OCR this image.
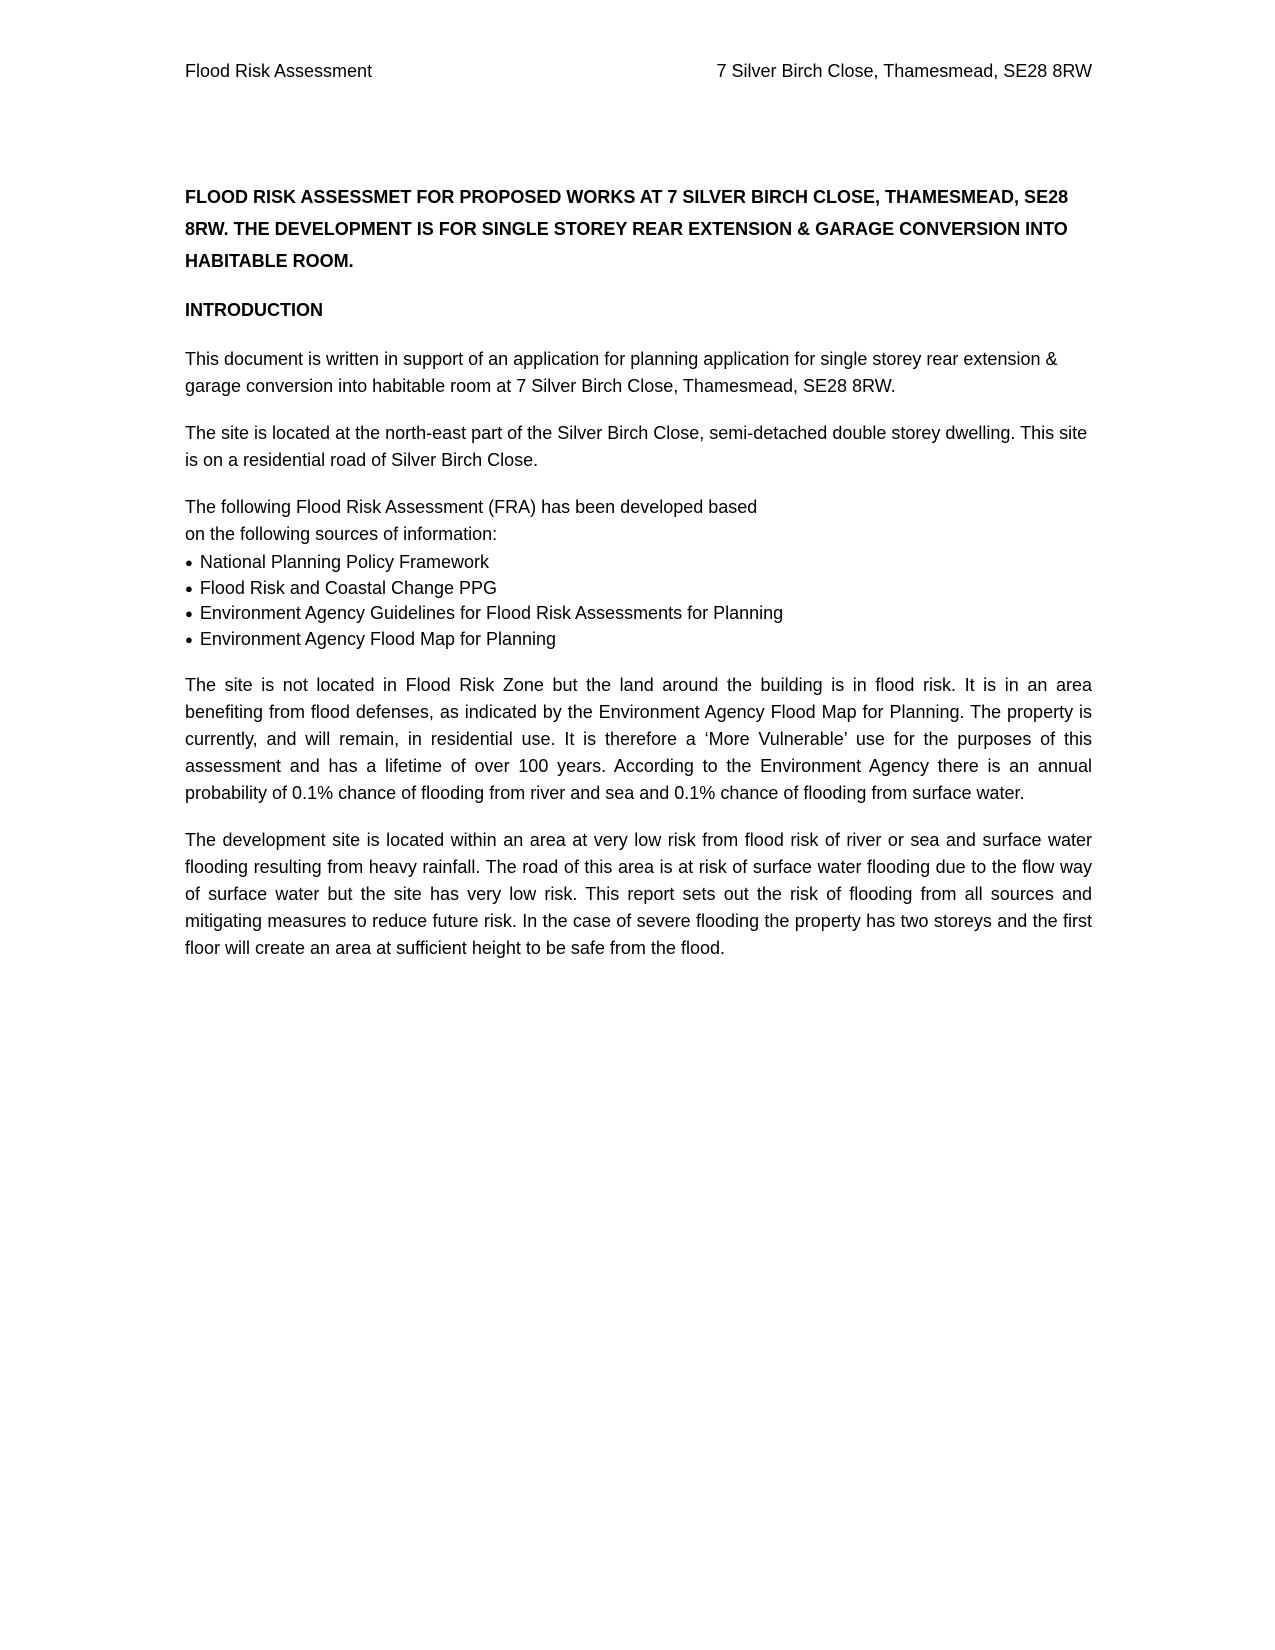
Flood Risk Assessment	7 Silver Birch Close, Thamesmead, SE28 8RW
FLOOD RISK ASSESSMET FOR PROPOSED WORKS AT 7 SILVER BIRCH CLOSE, THAMESMEAD, SE28 8RW. THE DEVELOPMENT IS FOR SINGLE STOREY REAR EXTENSION & GARAGE CONVERSION INTO HABITABLE ROOM.
INTRODUCTION

This document is written in support of an application for planning application for single storey rear extension & garage conversion into habitable room at 7 Silver Birch Close, Thamesmead, SE28 8RW.

The site is located at the north-east part of the Silver Birch Close, semi-detached double storey dwelling. This site is on a residential road of Silver Birch Close.

The following Flood Risk Assessment (FRA) has been developed based
on the following sources of information:
● National Planning Policy Framework
● Flood Risk and Coastal Change PPG
● Environment Agency Guidelines for Flood Risk Assessments for Planning
● Environment Agency Flood Map for Planning

The site is not located in Flood Risk Zone but the land around the building is in flood risk. It is in an area benefiting from flood defenses, as indicated by the Environment Agency Flood Map for Planning. The property is currently, and will remain, in residential use. It is therefore a ‘More Vulnerable’ use for the purposes of this assessment and has a lifetime of over 100 years. According to the Environment Agency there is an annual probability of 0.1% chance of flooding from river and sea and 0.1% chance of flooding from surface water.

The development site is located within an area at very low risk from flood risk of river or sea and surface water flooding resulting from heavy rainfall. The road of this area is at risk of surface water flooding due to the flow way of surface water but the site has very low risk. This report sets out the risk of flooding from all sources and mitigating measures to reduce future risk. In the case of severe flooding the property has two storeys and the first floor will create an area at sufficient height to be safe from the flood.
